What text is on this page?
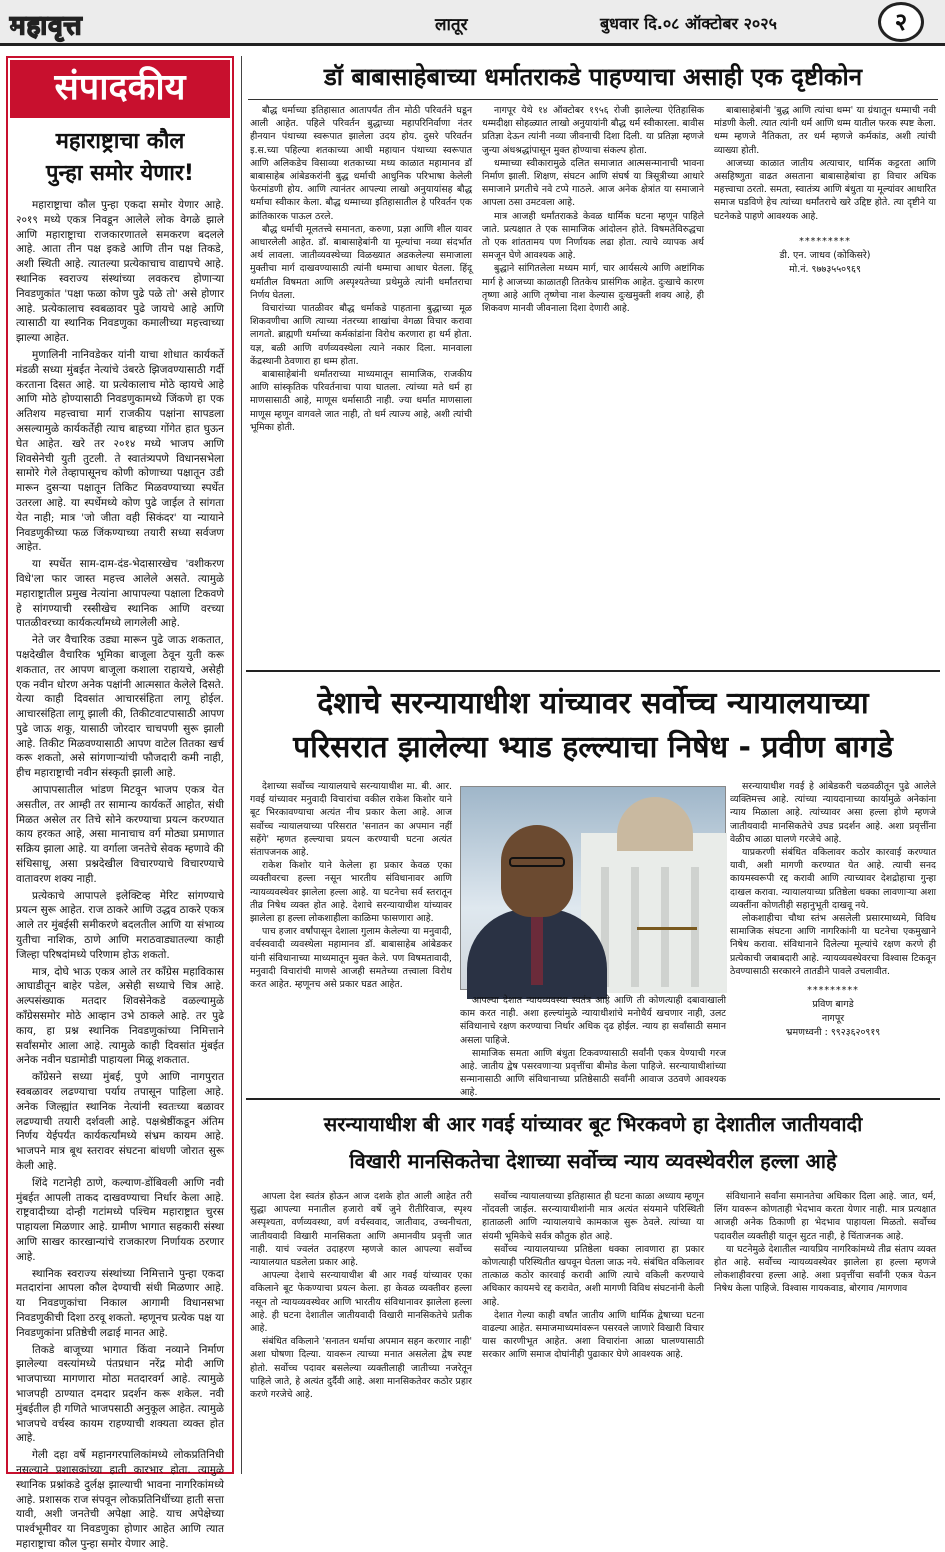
महावृत्त	लातूर	बुधवार दि.०८ ऑक्टोबर २०२५	२
संपादकीय
महाराष्ट्राचा कौल
पुन्हा समोर येणार!

महाराष्ट्राचा कौल पुन्हा एकदा समोर येणार आहे. २०१९ मध्ये एकत्र निवडून आलेले लोक वेगळे झाले आणि महाराष्ट्राचा राजकारणातले समकरण बदलले आहे. आता तीन पक्ष इकडे आणि तीन पक्ष तिकडे, अशी स्थिती आहे. त्यातल्या प्रत्येकाचाच वाद्यापचे आहे. स्थानिक स्वराज्य संस्थांच्या लवकरच होणाऱ्या निवडणुकांत 'पक्षा फळा कोण पुढे पळे तो' असे होणार आहे. प्रत्येकालाच स्वबळावर पुढे जायचे आहे आणि त्यासाठी या स्थानिक निवडणुका कमालीच्या महत्त्वाच्या झाल्या आहेत.

मुणालिनी नानिवडेकर यांनी याचा शोधात कार्यकर्ते मंडळी सध्या मुंबईत नेत्यांचे उंबरठे झिजवण्यासाठी गर्दी करताना दिसत आहे. या प्रत्येकालाच मोठे व्हायचे आहे आणि मोठे होण्यासाठी निवडणुकामध्ये जिंकणे हा एक अतिशय महत्त्वाचा मार्ग राजकीय पक्षांना सापडला असल्यामुळे कार्यकर्तेही त्याच बाहच्या गोंगेत हात घुऊन घेत आहेत. खरे तर २०१४ मध्ये भाजप आणि शिवसेनेची युती तुटली. ते स्वातंत्र्यपणे विधानसभेला सामोरे गेले तेव्हापासूनच कोणी कोणाच्या पक्षातून उडी मारून दुसऱ्या पक्षातून तिकिट मिळवण्याच्या स्पर्धेत उतरला आहे. या स्पर्धेमध्ये कोण पुढे जाईल ते सांगता येत नाही; मात्र 'जो जीता वही सिकंदर' या न्यायाने निवडणुकीच्या फळ जिंकण्याच्या तयारी सध्या सर्वजण आहेत.

या स्पर्धेत साम-दाम-दंड-भेदासारखेच 'वशीकरण विधे'ला फार जास्त महत्त्व आलेले असते. त्यामुळे महाराष्ट्रातील प्रमुख नेत्यांना आपापल्या पक्षाला टिकवणे हे सांगण्याची रस्सीखेच स्थानिक आणि वरच्या पातळीवरच्या कार्यकर्त्यांमध्ये लागलेली आहे.

नेते जर वैचारिक उड्या मारून पुढे जाऊ शकतात, पक्षदेखील वैचारिक भूमिका बाजूला ठेवून युती करू शकतात, तर आपण बाजूला कशाला राहायचे, असेही एक नवीन धोरण अनेक पक्षांनी आत्मसात केलेले दिसते. येत्या काही दिवसांत आचारसंहिता लागू होईल. आचारसंहिता लागू झाली की, तिकीटवाटपासाठी आपण पुढे जाऊ शकू, यासाठी जोरदार चाचपणी सुरू झाली आहे. तिकीट मिळवण्यासाठी आपण वाटेल तितका खर्च करू शकतो, असे सांगणाऱ्यांची फौजदारी कमी नाही, हीच महाराष्ट्राची नवीन संस्कृती झाली आहे.

आपापसातील भांडण मिटवून भाजप एकत्र येत असतील, तर आम्ही तर सामान्य कार्यकर्ते आहोत, संधी मिळत असेल तर तिचे सोने करण्याचा प्रयत्न करण्यात काय हरकत आहे, असा मानाचाच वर्ग मोठ्या प्रमाणात सक्रिय झाला आहे. या वर्गाला जनतेचे सेवक म्हणावे की संधिसाधू, असा प्रश्नदेखील विचारण्याचे विचारण्याचे वातावरण शक्य नाही.

प्रत्येकाचे आपापले इलेक्टिव्ह मेरिट सांगण्याचे प्रयत्न सुरू आहेत. राज ठाकरे आणि उद्धव ठाकरे एकत्र आले तर मुंबईसी समीकरणे बदलतील आणि या संभाव्य युतीचा नाशिक, ठाणे आणि मराठवाड्यातल्या काही जिल्हा परिषदांमध्ये परिणाम होऊ शकतो.

मात्र, दोघे भाऊ एकत्र आले तर काँग्रेस महाविकास आघाडीतून बाहेर पडेल, असेही सध्याचे चित्र आहे. अल्पसंख्याक मतदार शिवसेनेकडे वळल्यामुळे काँग्रेससमोर मोठे आव्हान उभे ठाकले आहे. तर पुढे काय, हा प्रश्न स्थानिक निवडणुकांच्या निमित्ताने सर्वांसमोर आला आहे. त्यामुळे काही दिवसांत मुंबईत अनेक नवीन घडामोडी पाहायला मिळू शकतात.

काँग्रेसने सध्या मुंबई, पुणे आणि नागपुरात स्वबळावर लढण्याचा पर्याय तपासून पाहिला आहे. अनेक जिल्ह्यांत स्थानिक नेत्यांनी स्वतःच्या बळावर लढण्याची तयारी दर्शवली आहे. पक्षश्रेष्ठींकडून अंतिम निर्णय येईपर्यंत कार्यकर्त्यांमध्ये संभ्रम कायम आहे. भाजपने मात्र बूथ स्तरावर संघटना बांधणी जोरात सुरू केली आहे.

शिंदे गटानेही ठाणे, कल्याण-डोंबिवली आणि नवी मुंबईत आपली ताकद दाखवण्याचा निर्धार केला आहे. राष्ट्रवादीच्या दोन्ही गटांमध्ये पश्चिम महाराष्ट्रात चुरस पाहायला मिळणार आहे. ग्रामीण भागात सहकारी संस्था आणि साखर कारखान्यांचे राजकारण निर्णायक ठरणार आहे.

स्थानिक स्वराज्य संस्थांच्या निमित्ताने पुन्हा एकदा मतदारांना आपला कौल देण्याची संधी मिळणार आहे. या निवडणुकांचा निकाल आगामी विधानसभा निवडणुकीची दिशा ठरवू शकतो. म्हणूनच प्रत्येक पक्ष या निवडणुकांना प्रतिष्ठेची लढाई मानत आहे.

तिकडे बाजूच्या भागात किंवा नव्याने निर्माण झालेल्या वस्त्यांमध्ये पंतप्रधान नरेंद्र मोदी आणि भाजपाच्या मागणारा मोठा मतदारवर्ग आहे. त्यामुळे भाजपही ठाण्यात दमदार प्रदर्शन करू शकेल. नवी मुंबईतील ही गणिते भाजपसाठी अनुकूल आहेत. त्यामुळे भाजपचे वर्चस्व कायम राहण्याची शक्यता व्यक्त होत आहे.

गेली दहा वर्षे महानगरपालिकांमध्ये लोकप्रतिनिधी नसल्याने प्रशासकांच्या हाती कारभार होता. त्यामुळे स्थानिक प्रश्नांकडे दुर्लक्ष झाल्याची भावना नागरिकांमध्ये आहे. प्रशासक राज संपवून लोकप्रतिनिधींच्या हाती सत्ता यावी, अशी जनतेची अपेक्षा आहे. याच अपेक्षेच्या पार्श्वभूमीवर या निवडणुका होणार आहेत आणि त्यात महाराष्ट्राचा कौल पुन्हा समोर येणार आहे.

डॉ बाबासाहेबाच्या धर्मातराकडे पाहण्याचा असाही एक दृष्टीकोन

बौद्ध धर्माच्या इतिहासात आतापर्यंत तीन मोठी परिवर्तने घडून आली आहेत. पहिले परिवर्तन बुद्धाच्या महापरिनिर्वाणा नंतर हीनयान पंथाच्या स्वरूपात झालेला उदय होय. दुसरे परिवर्तन इ.स.च्या पहिल्या शतकाच्या आधी महायान पंथाच्या स्वरूपात आणि अलिकडेच विसाव्या शतकाच्या मध्य काळात महामानव डॉ बाबासाहेब आंबेडकरांनी बुद्ध धर्माची आधुनिक परिभाषा केलेली फेरमांडणी होय. आणि त्यानंतर आपल्या लाखो अनुयायांसह बौद्ध धर्माचा स्वीकार केला. बौद्ध धम्माच्या इतिहासातील हे परिवर्तन एक क्रांतिकारक पाऊल ठरले.

बौद्ध धर्माची मूलतत्त्वे समानता, करुणा, प्रज्ञा आणि शील यावर आधारलेली आहेत. डॉ. बाबासाहेबांनी या मूल्यांचा नव्या संदर्भात अर्थ लावला. जातीव्यवस्थेच्या विळख्यात अडकलेल्या समाजाला मुक्तीचा मार्ग दाखवण्यासाठी त्यांनी धम्माचा आधार घेतला. हिंदू धर्मातील विषमता आणि अस्पृश्यतेच्या प्रथेमुळे त्यांनी धर्मांतराचा निर्णय घेतला.

विचारांच्या पातळीवर बौद्ध धर्माकडे पाहताना बुद्धाच्या मूळ शिकवणीचा आणि त्याच्या नंतरच्या शाखांचा वेगळा विचार करावा लागतो. ब्राह्मणी धर्माच्या कर्मकांडांना विरोध करणारा हा धर्म होता. यज्ञ, बळी आणि वर्णव्यवस्थेला त्याने नकार दिला. मानवाला केंद्रस्थानी ठेवणारा हा धम्म होता.

बाबासाहेबांनी धर्मांतराच्या माध्यमातून सामाजिक, राजकीय आणि सांस्कृतिक परिवर्तनाचा पाया घातला. त्यांच्या मते धर्म हा माणसासाठी आहे, माणूस धर्मासाठी नाही. ज्या धर्मात माणसाला माणूस म्हणून वागवले जात नाही, तो धर्म त्याज्य आहे, अशी त्यांची भूमिका होती.

नागपूर येथे १४ ऑक्टोबर १९५६ रोजी झालेल्या ऐतिहासिक धम्मदीक्षा सोहळ्यात लाखो अनुयायांनी बौद्ध धर्म स्वीकारला. बावीस प्रतिज्ञा देऊन त्यांनी नव्या जीवनाची दिशा दिली. या प्रतिज्ञा म्हणजे जुन्या अंधश्रद्धांपासून मुक्त होण्याचा संकल्प होता.

धम्माच्या स्वीकारामुळे दलित समाजात आत्मसन्मानाची भावना निर्माण झाली. शिक्षण, संघटन आणि संघर्ष या त्रिसूत्रीच्या आधारे समाजाने प्रगतीचे नवे टप्पे गाठले. आज अनेक क्षेत्रांत या समाजाने आपला ठसा उमटवला आहे.

मात्र आजही धर्मांतराकडे केवळ धार्मिक घटना म्हणून पाहिले जाते. प्रत्यक्षात ते एक सामाजिक आंदोलन होते. विषमतेविरुद्धचा तो एक शांततामय पण निर्णायक लढा होता. त्याचे व्यापक अर्थ समजून घेणे आवश्यक आहे.

बुद्धाने सांगितलेला मध्यम मार्ग, चार आर्यसत्ये आणि अष्टांगिक मार्ग हे आजच्या काळातही तितकेच प्रासंगिक आहेत. दुःखाचे कारण तृष्णा आहे आणि तृष्णेचा नाश केल्यास दुःखमुक्ती शक्य आहे, ही शिकवण मानवी जीवनाला दिशा देणारी आहे.

बाबासाहेबांनी 'बुद्ध आणि त्यांचा धम्म' या ग्रंथातून धम्माची नवी मांडणी केली. त्यात त्यांनी धर्म आणि धम्म यातील फरक स्पष्ट केला. धम्म म्हणजे नैतिकता, तर धर्म म्हणजे कर्मकांड, अशी त्यांची व्याख्या होती.

आजच्या काळात जातीय अत्याचार, धार्मिक कट्टरता आणि असहिष्णुता वाढत असताना बाबासाहेबांचा हा विचार अधिक महत्त्वाचा ठरतो. समता, स्वातंत्र्य आणि बंधुता या मूल्यांवर आधारित समाज घडविणे हेच त्यांच्या धर्मांतराचे खरे उद्दिष्ट होते. त्या दृष्टीने या घटनेकडे पाहणे आवश्यक आहे.

*********
डी. एन. जाधव (कोकिसरे)
मो.नं. ९७७३५५०९६९
देशाचे सरन्यायाधीश यांच्यावर सर्वोच्च न्यायालयाच्या
परिसरात झालेल्या भ्याड हल्ल्याचा निषेध - प्रवीण बागडे

देशाच्या सर्वोच्च न्यायालयाचे सरन्यायाधीश मा. बी. आर. गवई यांच्यावर मनुवादी विचारांचा वकील राकेश किशोर याने बूट भिरकावण्याचा अत्यंत नीच प्रकार केला आहे. आज सर्वोच्च न्यायालयाच्या परिसरात 'सनातन का अपमान नहीं सहेंगे' म्हणत हल्ल्याचा प्रयत्न करण्याची घटना अत्यंत संतापजनक आहे.

राकेश किशोर याने केलेला हा प्रकार केवळ एका व्यक्तीवरचा हल्ला नसून भारतीय संविधानावर आणि न्यायव्यवस्थेवर झालेला हल्ला आहे. या घटनेचा सर्व स्तरातून तीव्र निषेध व्यक्त होत आहे. देशाचे सरन्यायाधीश यांच्यावर झालेला हा हल्ला लोकशाहीला काळिमा फासणारा आहे.

पाच हजार वर्षांपासून देशाला गुलाम केलेल्या या मनुवादी, वर्चस्ववादी व्यवस्थेला महामानव डॉ. बाबासाहेब आंबेडकर यांनी संविधानाच्या माध्यमातून मुक्त केले. पण विषमतावादी, मनुवादी विचारांची माणसे आजही समतेच्या तत्त्वाला विरोध करत आहेत. म्हणूनच असे प्रकार घडत आहेत.

सरन्यायाधीश गवई हे आंबेडकरी चळवळीतून पुढे आलेले व्यक्तिमत्त्व आहे. त्यांच्या न्यायदानाच्या कार्यामुळे अनेकांना न्याय मिळाला आहे. त्यांच्यावर असा हल्ला होणे म्हणजे जातीयवादी मानसिकतेचे उघड प्रदर्शन आहे. अशा प्रवृत्तींना वेळीच आळा घालणे गरजेचे आहे.

याप्रकरणी संबंधित वकिलावर कठोर कारवाई करण्यात यावी, अशी मागणी करण्यात येत आहे. त्याची सनद कायमस्वरूपी रद्द करावी आणि त्याच्यावर देशद्रोहाचा गुन्हा दाखल करावा. न्यायालयाच्या प्रतिष्ठेला धक्का लावणाऱ्या अशा व्यक्तींना कोणतीही सहानुभूती दाखवू नये.

लोकशाहीचा चौथा स्तंभ असलेली प्रसारमाध्यमे, विविध सामाजिक संघटना आणि नागरिकांनी या घटनेचा एकमुखाने निषेध करावा. संविधानाने दिलेल्या मूल्यांचे रक्षण करणे ही प्रत्येकाची जबाबदारी आहे. न्यायव्यवस्थेवरचा विश्वास टिकवून ठेवण्यासाठी सरकारने तातडीने पावले उचलावीत.

*********
प्रविण बागडे
नागपूर
भ्रमणध्वनी : ९९२३६२०९१९

आपल्या देशात न्यायव्यवस्था स्वतंत्र आहे आणि ती कोणत्याही दबावाखाली काम करत नाही. अशा हल्ल्यांमुळे न्यायाधीशांचे मनोधैर्य खचणार नाही, उलट संविधानाचे रक्षण करण्याचा निर्धार अधिक दृढ होईल. न्याय हा सर्वांसाठी समान असला पाहिजे.

सामाजिक समता आणि बंधुता टिकवण्यासाठी सर्वांनी एकत्र येण्याची गरज आहे. जातीय द्वेष पसरवणाऱ्या प्रवृत्तींचा बीमोड केला पाहिजे. सरन्यायाधीशांच्या सन्मानासाठी आणि संविधानाच्या प्रतिष्ठेसाठी सर्वांनी आवाज उठवणे आवश्यक आहे.

सरन्यायाधीश बी आर गवई यांच्यावर बूट भिरकवणे हा देशातील जातीयवादी
विखारी मानसिकतेचा देशाच्या सर्वोच्च न्याय व्यवस्थेवरील हल्ला आहे

आपला देश स्वतंत्र होऊन आज दशके होत आली आहेत तरी सुद्धा आपल्या मनातील हजारो वर्षे जुने रीतीरिवाज, स्पृश्य अस्पृश्यता, वर्णव्यवस्था, वर्ण वर्चस्ववाद, जातीवाद, उच्चनीचता, जातीयवादी विखारी मानसिकता आणि अमानवीय प्रवृत्ती जात नाही. याचं ज्वलंत उदाहरण म्हणजे काल आपल्या सर्वोच्च न्यायालयात घडलेला प्रकार आहे.

आपल्या देशाचे सरन्यायाधीश बी आर गवई यांच्यावर एका वकिलाने बूट फेकण्याचा प्रयत्न केला. हा केवळ व्यक्तीवर हल्ला नसून तो न्यायव्यवस्थेवर आणि भारतीय संविधानावर झालेला हल्ला आहे. ही घटना देशातील जातीयवादी विखारी मानसिकतेचे प्रतीक आहे.

संबंधित वकिलाने 'सनातन धर्माचा अपमान सहन करणार नाही' अशा घोषणा दिल्या. यावरून त्याच्या मनात असलेला द्वेष स्पष्ट होतो. सर्वोच्च पदावर बसलेल्या व्यक्तीलाही जातीच्या नजरेतून पाहिले जाते, हे अत्यंत दुर्दैवी आहे. अशा मानसिकतेवर कठोर प्रहार करणे गरजेचे आहे.

सर्वोच्च न्यायालयाच्या इतिहासात ही घटना काळा अध्याय म्हणून नोंदवली जाईल. सरन्यायाधीशांनी मात्र अत्यंत संयमाने परिस्थिती हाताळली आणि न्यायालयाचे कामकाज सुरू ठेवले. त्यांच्या या संयमी भूमिकेचे सर्वत्र कौतुक होत आहे.

सर्वोच्च न्यायालयाच्या प्रतिष्ठेला धक्का लावणारा हा प्रकार कोणत्याही परिस्थितीत खपवून घेतला जाऊ नये. संबंधित वकिलावर तात्काळ कठोर कारवाई करावी आणि त्याचे वकिली करण्याचे अधिकार कायमचे रद्द करावेत, अशी मागणी विविध संघटनांनी केली आहे.

देशात गेल्या काही वर्षांत जातीय आणि धार्मिक द्वेषाच्या घटना वाढल्या आहेत. समाजमाध्यमांवरून पसरवले जाणारे विखारी विचार यास कारणीभूत आहेत. अशा विचारांना आळा घालण्यासाठी सरकार आणि समाज दोघांनीही पुढाकार घेणे आवश्यक आहे.

संविधानाने सर्वांना समानतेचा अधिकार दिला आहे. जात, धर्म, लिंग यावरून कोणताही भेदभाव करता येणार नाही. मात्र प्रत्यक्षात आजही अनेक ठिकाणी हा भेदभाव पाहायला मिळतो. सर्वोच्च पदावरील व्यक्तीही यातून सुटत नाही, हे चिंताजनक आहे.

या घटनेमुळे देशातील न्यायप्रिय नागरिकांमध्ये तीव्र संताप व्यक्त होत आहे. सर्वोच्च न्यायव्यवस्थेवर झालेला हा हल्ला म्हणजे लोकशाहीवरचा हल्ला आहे. अशा प्रवृत्तींचा सर्वांनी एकत्र येऊन निषेध केला पाहिजे. विश्वास गायकवाड, बोरगाव /मागणाव
